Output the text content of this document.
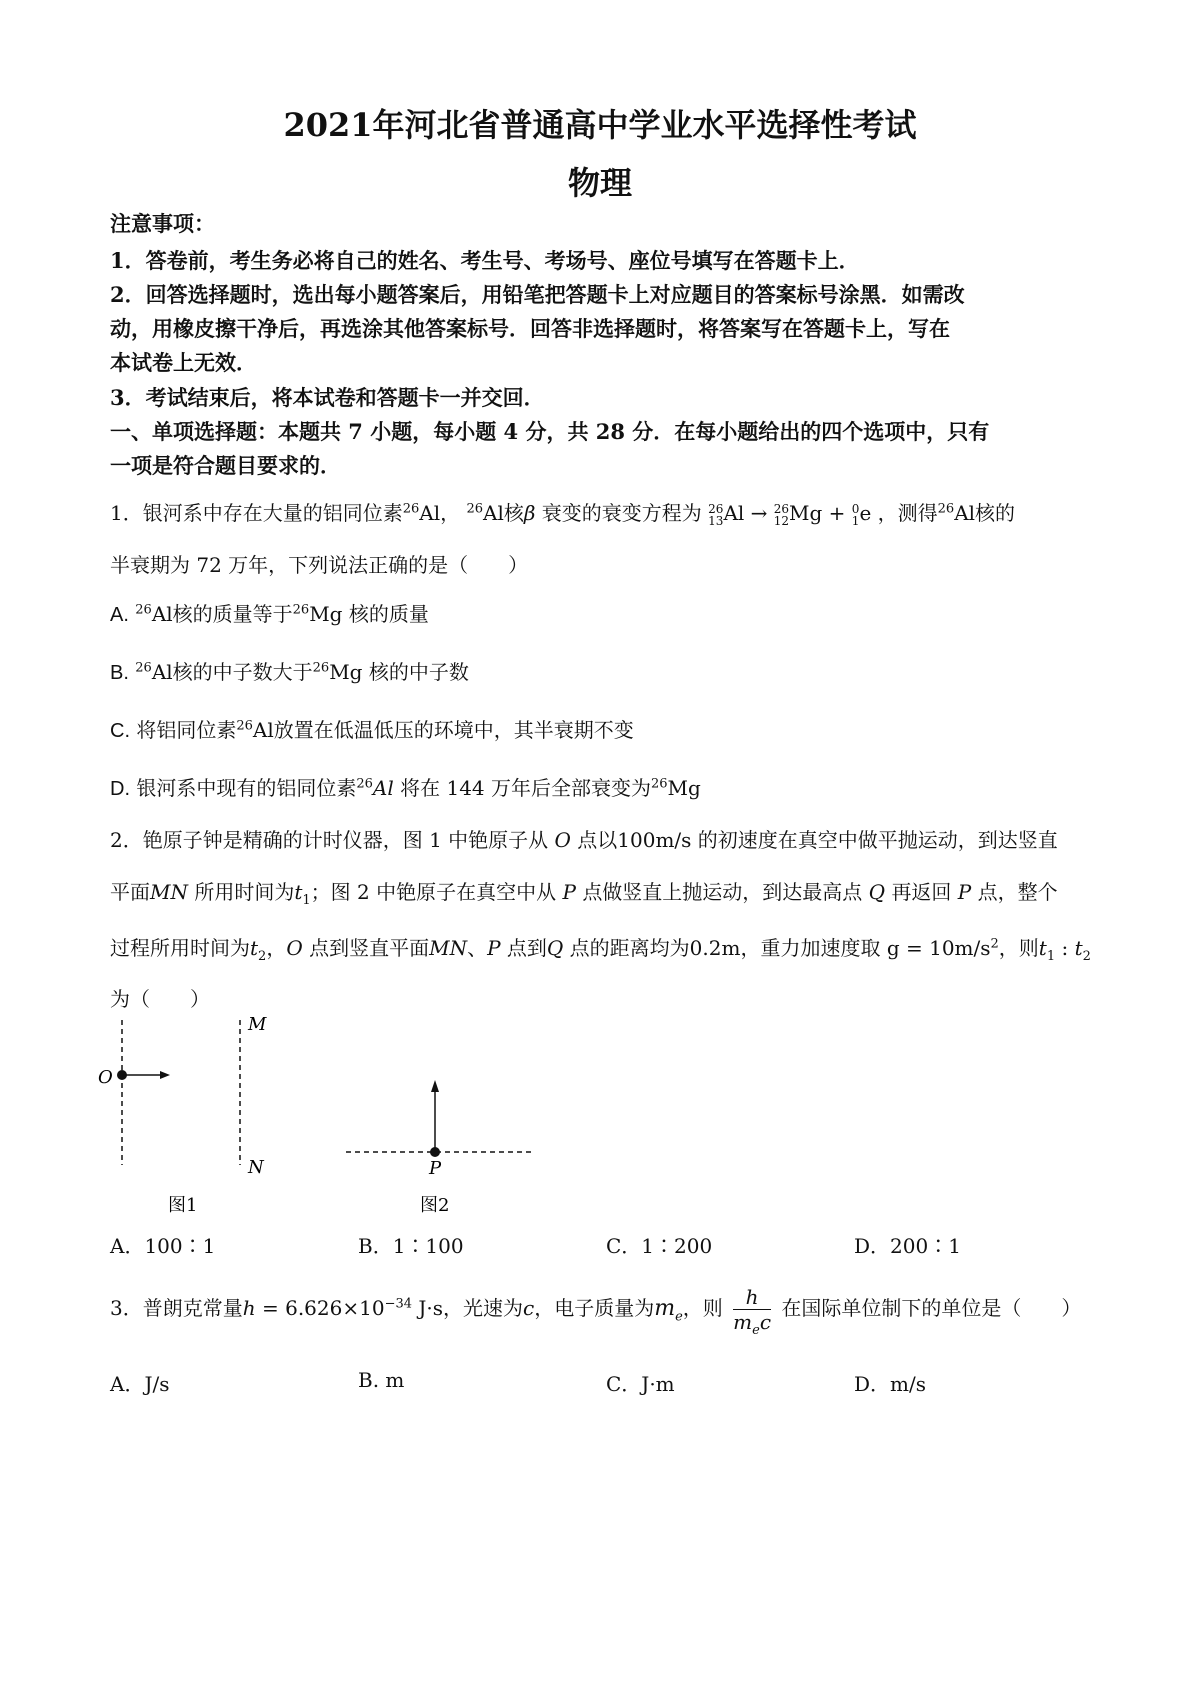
2021年河北省普通高中学业水平选择性考试
物理
注意事项：
1．答卷前，考生务必将自己的姓名、考生号、考场号、座位号填写在答题卡上．
2．回答选择题时，选出每小题答案后，用铅笔把答题卡上对应题目的答案标号涂黑．如需改
动，用橡皮擦干净后，再选涂其他答案标号．回答非选择题时，将答案写在答题卡上，写在
本试卷上无效．
3．考试结束后，将本试卷和答题卡一并交回．
一、单项选择题：本题共 7 小题，每小题 4 分，共 28 分．在每小题给出的四个选项中，只有
一项是符合题目要求的．
1．银河系中存在大量的铝同位素$^{26}$Al， $^{26}$Al核β 衰变的衰变方程为 26
13Al → 26
12Mg + 0
1e ，测得$^{26}$Al核的
半衰期为 72 万年，下列说法正确的是（　　）
A. $^{26}$Al核的质量等于$^{26}$Mg 核的质量
B. $^{26}$Al核的中子数大于$^{26}$Mg 核的中子数
C. 将铝同位素$^{26}$Al放置在低温低压的环境中，其半衰期不变
D. 银河系中现有的铝同位素$^{26}$Al 将在 144 万年后全部衰变为$^{26}$Mg
2．铯原子钟是精确的计时仪器，图 1 中铯原子从 O 点以100m/s 的初速度在真空中做平抛运动，到达竖直
平面MN 所用时间为$t_1$；图 2 中铯原子在真空中从 P 点做竖直上抛运动，到达最高点 Q 再返回 P 点，整个
过程所用时间为$t_2$，O 点到竖直平面MN、P 点到Q 点的距离均为0.2m，重力加速度取 $g = 10m/s^2$，则$t_1$ : $t_2$
为（　　）
O
M
N
图1
P
图2
A．100∶1	B．1∶100	C．1∶200	D．200∶1
3．普朗克常量$h = 6.626\times 10^{-34}$ J·s，光速为c，电子质量为$m_e$，则 $\frac{h}{m_ec}$ 在国际单位制下的单位是（　　）
A．J/s	B. m	C．J·m	D．m/s
